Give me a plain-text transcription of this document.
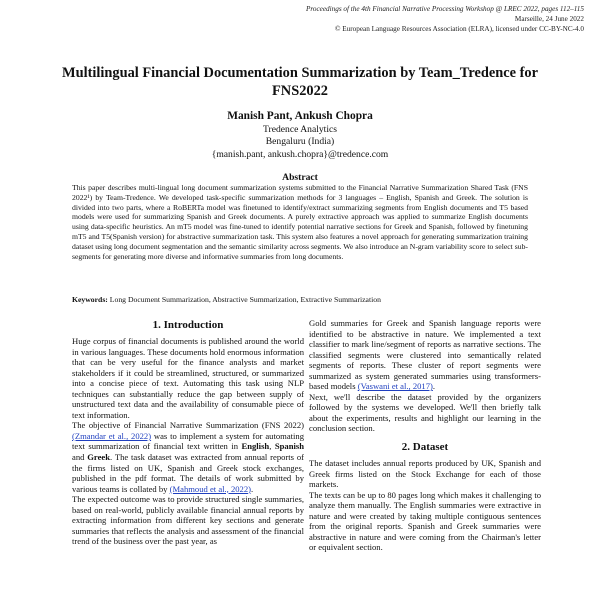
Proceedings of the 4th Financial Narrative Processing Workshop @ LREC 2022, pages 112–115
Marseille, 24 June 2022
© European Language Resources Association (ELRA), licensed under CC-BY-NC-4.0
Multilingual Financial Documentation Summarization by Team_Tredence for FNS2022
Manish Pant, Ankush Chopra
Tredence Analytics
Bengaluru (India)
{manish.pant, ankush.chopra}@tredence.com
Abstract
This paper describes multi-lingual long document summarization systems submitted to the Financial Narrative Summarization Shared Task (FNS 2022¹) by Team-Tredence. We developed task-specific summarization methods for 3 languages – English, Spanish and Greek. The solution is divided into two parts, where a RoBERTa model was finetuned to identify/extract summarizing segments from English documents and T5 based models were used for summarizing Spanish and Greek documents. A purely extractive approach was applied to summarize English documents using data-specific heuristics. An mT5 model was fine-tuned to identify potential narrative sections for Greek and Spanish, followed by finetuning mT5 and T5(Spanish version) for abstractive summarization task. This system also features a novel approach for generating summarization training dataset using long document segmentation and the semantic similarity across segments. We also introduce an N-gram variability score to select sub-segments for generating more diverse and informative summaries from long documents.
Keywords: Long Document Summarization, Abstractive Summarization, Extractive Summarization
1. Introduction

Huge corpus of financial documents is published around the world in various languages. These documents hold enormous information that can be very useful for the finance analysts and market stakeholders if it could be streamlined, structured, or summarized into a concise piece of text. Automating this task using NLP techniques can substantially reduce the gap between supply of unstructured text data and the availability of consumable piece of text information.

The objective of Financial Narrative Summarization (FNS 2022) (Zmandar et al., 2022) was to implement a system for automating text summarization of financial text written in English, Spanish and Greek. The task dataset was extracted from annual reports of the firms listed on UK, Spanish and Greek stock exchanges, published in the pdf format. The details of work submitted by various teams is collated by (Mahmoud et al., 2022).

The expected outcome was to provide structured single summaries, based on real-world, publicly available financial annual reports by extracting information from different key sections and generate summaries that reflects the analysis and assessment of the financial trend of the business over the past year, as

Gold summaries for Greek and Spanish language reports were identified to be abstractive in nature. We implemented a text classifier to mark line/segment of reports as narrative sections. The classified segments were clustered into semantically related segments of reports. These cluster of report segments were summarized as system generated summaries using transformers-based models (Vaswani et al., 2017).

Next, we'll describe the dataset provided by the organizers followed by the systems we developed. We'll then briefly talk about the experiments, results and highlight our learning in the conclusion section.

2. Dataset

The dataset includes annual reports produced by UK, Spanish and Greek firms listed on the Stock Exchange for each of those markets.

The texts can be up to 80 pages long which makes it challenging to analyze them manually. The English summaries were extractive in nature and were created by taking multiple contiguous sentences from the original reports. Spanish and Greek summaries were abstractive in nature and were coming from the Chairman's letter or equivalent section.
